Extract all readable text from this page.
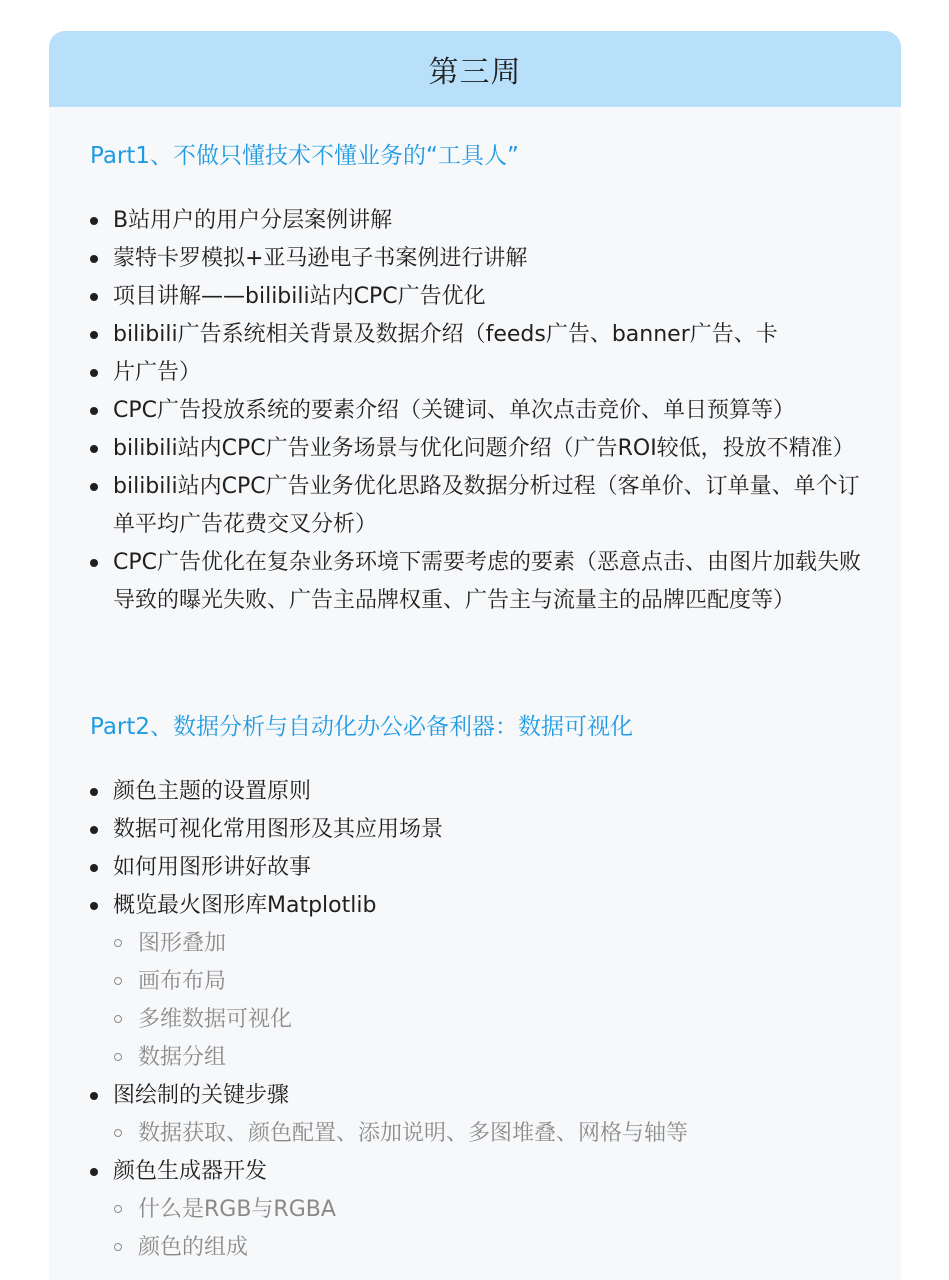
第三周
Part1、不做只懂技术不懂业务的“工具人”
B站用户的用户分层案例讲解
蒙特卡罗模拟+亚马逊电子书案例进行讲解
项目讲解——bilibili站内CPC广告优化
bilibili广告系统相关背景及数据介绍（feeds广告、banner广告、卡
片广告）
CPC广告投放系统的要素介绍（关键词、单次点击竞价、单日预算等）
bilibili站内CPC广告业务场景与优化问题介绍（广告ROI较低，投放不精准）
bilibili站内CPC广告业务优化思路及数据分析过程（客单价、订单量、单个订单平均广告花费交叉分析）
CPC广告优化在复杂业务环境下需要考虑的要素（恶意点击、由图片加载失败导致的曝光失败、广告主品牌权重、广告主与流量主的品牌匹配度等）
Part2、数据分析与自动化办公必备利器：数据可视化
颜色主题的设置原则
数据可视化常用图形及其应用场景
如何用图形讲好故事
概览最火图形库Matplotlib
图形叠加
画布布局
多维数据可视化
数据分组
图绘制的关键步骤
数据获取、颜色配置、添加说明、多图堆叠、网格与轴等
颜色生成器开发
什么是RGB与RGBA
颜色的组成
